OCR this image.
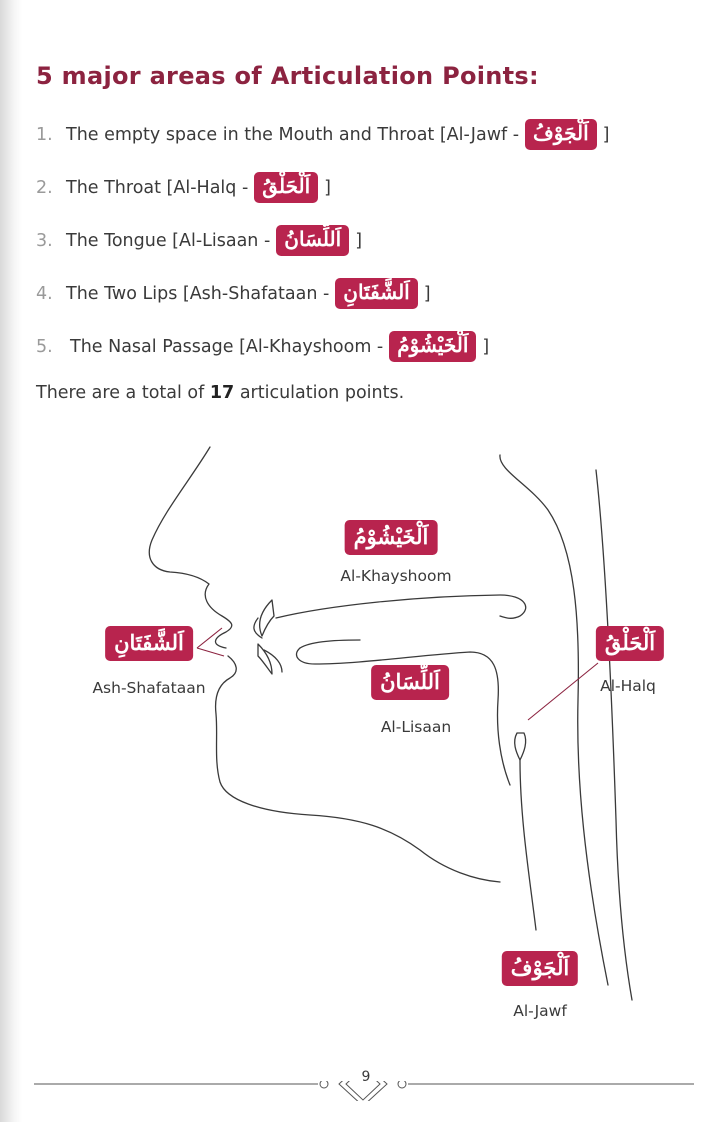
5 major areas of Articulation Points:
1. The empty space in the Mouth and Throat [Al-Jawf - اَلْجَوْفُ ]
2. The Throat [Al-Halq - اَلْحَلْقُ ]
3. The Tongue [Al-Lisaan - اَللِّسَانُ ]
4. The Two Lips [Ash-Shafataan - اَلشَّفَتَانِ ]
5. The Nasal Passage [Al-Khayshoom - اَلْخَيْشُوْمُ ]

There are a total of 17 articulation points.

اَلْخَيْشُوْمُ
Al-Khayshoom
اَلشَّفَتَانِ
Ash-Shafataan	اَللِّسَانُ
Al-Lisaan
اَلْحَلْقُ
Al-Halq
اَلْجَوْفُ
Al-Jawf
9
